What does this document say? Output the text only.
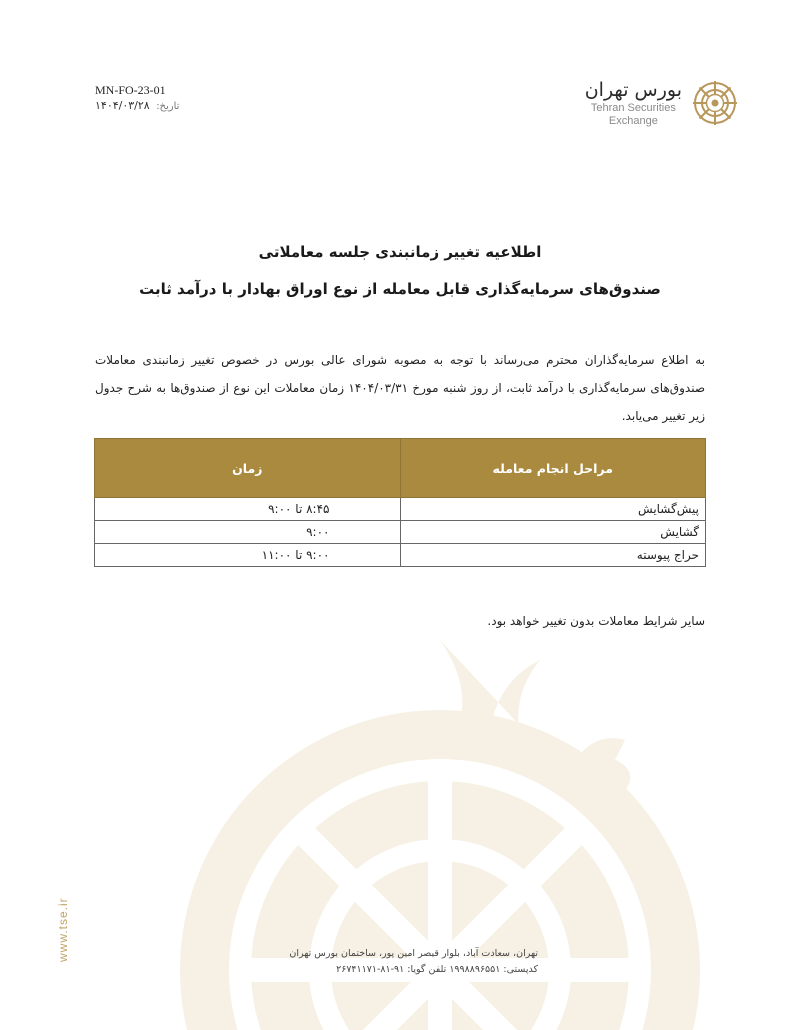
MN-FO-23-01
تاریخ: ۱۴۰۴/۰۳/۲۸
بورس تهران
Tehran Securities
Exchange
اطلاعیه تغییر زمانبندی جلسه معاملاتی
صندوق‌های سرمایه‌گذاری قابل معامله از نوع اوراق بهادار با درآمد ثابت
به اطلاع سرمایه‌گذاران محترم می‌رساند با توجه به مصوبه شورای عالی بورس در خصوص تغییر زمانبندی معاملات صندوق‌های سرمایه‌گذاری با درآمد ثابت، از روز شنبه مورخ ۱۴۰۴/۰۳/۳۱ زمان معاملات این نوع از صندوق‌ها به شرح جدول زیر تغییر می‌یابد.
مراحل انجام معامله	زمان
پیش‌گشایش	۸:۴۵ تا ۹:۰۰
گشایش	۹:۰۰
حراج پیوسته	۹:۰۰ تا ۱۱:۰۰
سایر شرایط معاملات بدون تغییر خواهد بود.
www.tse.ir	تهران، سعادت آباد، بلوار قیصر امین پور، ساختمان بورس تهران
کدپستی: ۱۹۹۸۸۹۶۵۵۱ تلفن گویا: ۹۱-۸۱-۲۶۷۴۱۱۷۱
